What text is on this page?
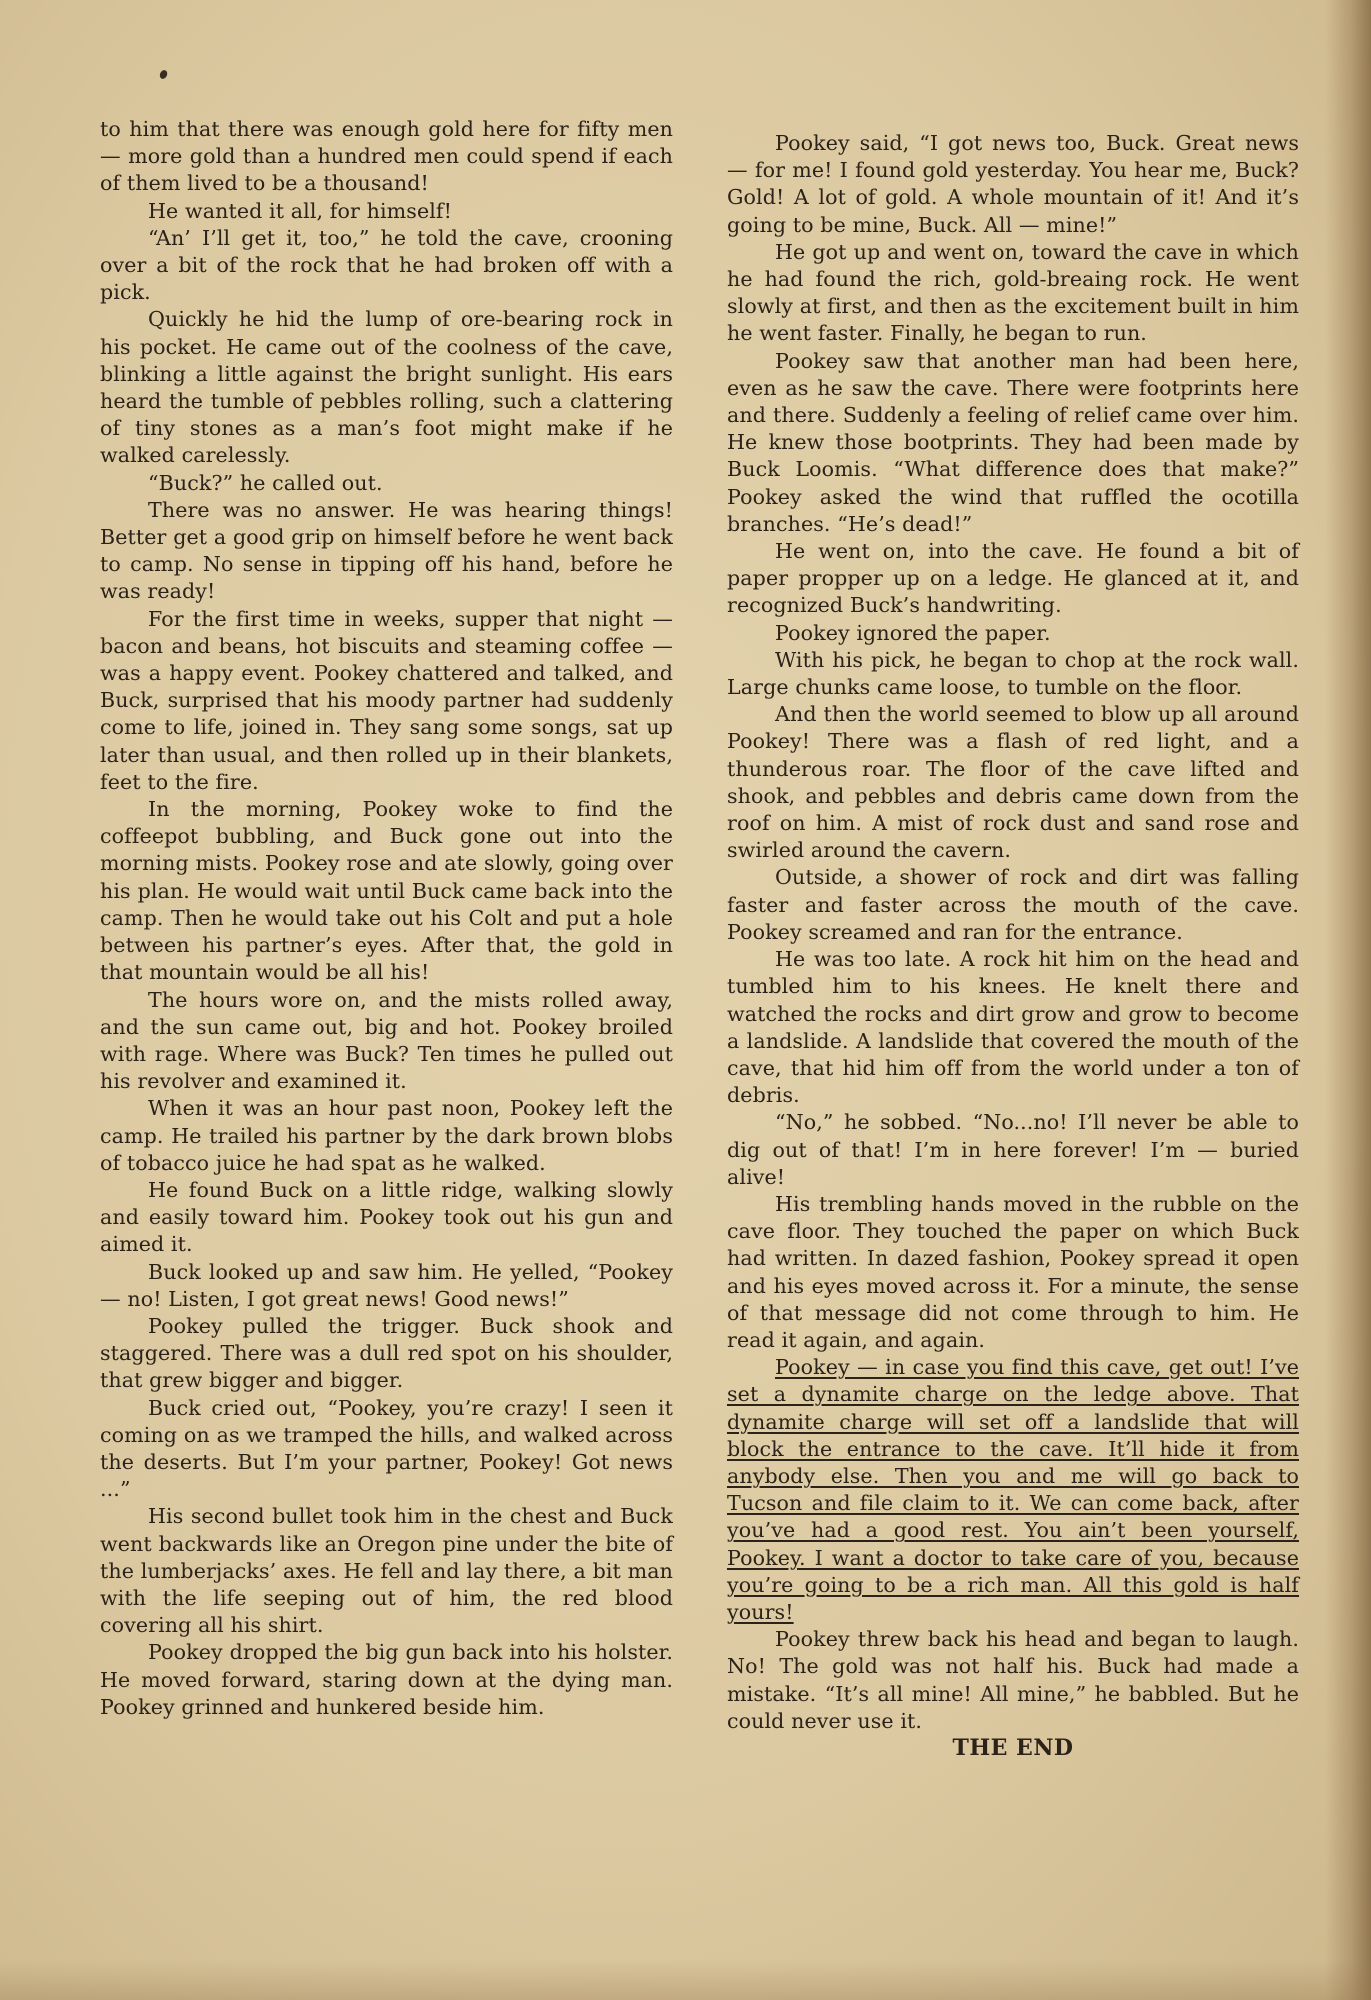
to him that there was enough gold here for fifty men — more gold than a hundred men could spend if each of them lived to be a thousand!

He wanted it all, for himself!

“An’ I’ll get it, too,” he told the cave, crooning over a bit of the rock that he had broken off with a pick.

Quickly he hid the lump of ore-bearing rock in his pocket. He came out of the coolness of the cave, blinking a little against the bright sunlight. His ears heard the tumble of pebbles rolling, such a clattering of tiny stones as a man’s foot might make if he walked carelessly.

“Buck?” he called out.

There was no answer. He was hearing things! Better get a good grip on himself before he went back to camp. No sense in tipping off his hand, before he was ready!

For the first time in weeks, supper that night — bacon and beans, hot biscuits and steaming coffee — was a happy event. Pookey chattered and talked, and Buck, surprised that his moody partner had suddenly come to life, joined in. They sang some songs, sat up later than usual, and then rolled up in their blankets, feet to the fire.

In the morning, Pookey woke to find the coffeepot bubbling, and Buck gone out into the morning mists. Pookey rose and ate slowly, going over his plan. He would wait until Buck came back into the camp. Then he would take out his Colt and put a hole between his partner’s eyes. After that, the gold in that mountain would be all his!

The hours wore on, and the mists rolled away, and the sun came out, big and hot. Pookey broiled with rage. Where was Buck? Ten times he pulled out his revolver and examined it.

When it was an hour past noon, Pookey left the camp. He trailed his partner by the dark brown blobs of tobacco juice he had spat as he walked.

He found Buck on a little ridge, walking slowly and easily toward him. Pookey took out his gun and aimed it.

Buck looked up and saw him. He yelled, “Pookey — no! Listen, I got great news! Good news!”

Pookey pulled the trigger. Buck shook and staggered. There was a dull red spot on his shoulder, that grew bigger and bigger.

Buck cried out, “Pookey, you’re crazy! I seen it coming on as we tramped the hills, and walked across the deserts. But I’m your partner, Pookey! Got news ...”

His second bullet took him in the chest and Buck went backwards like an Oregon pine under the bite of the lumberjacks’ axes. He fell and lay there, a bit man with the life seeping out of him, the red blood covering all his shirt.

Pookey dropped the big gun back into his holster. He moved forward, staring down at the dying man. Pookey grinned and hunkered beside him.

Pookey said, “I got news too, Buck. Great news — for me! I found gold yesterday. You hear me, Buck? Gold! A lot of gold. A whole mountain of it! And it’s going to be mine, Buck. All — mine!”

He got up and went on, toward the cave in which he had found the rich, gold-breaing rock. He went slowly at first, and then as the excitement built in him he went faster. Finally, he began to run.

Pookey saw that another man had been here, even as he saw the cave. There were footprints here and there. Suddenly a feeling of relief came over him. He knew those bootprints. They had been made by Buck Loomis. “What difference does that make?” Pookey asked the wind that ruffled the ocotilla branches. “He’s dead!”

He went on, into the cave. He found a bit of paper propper up on a ledge. He glanced at it, and recognized Buck’s handwriting.

Pookey ignored the paper.

With his pick, he began to chop at the rock wall. Large chunks came loose, to tumble on the floor.

And then the world seemed to blow up all around Pookey! There was a flash of red light, and a thunderous roar. The floor of the cave lifted and shook, and pebbles and debris came down from the roof on him. A mist of rock dust and sand rose and swirled around the cavern.

Outside, a shower of rock and dirt was falling faster and faster across the mouth of the cave. Pookey screamed and ran for the entrance.

He was too late. A rock hit him on the head and tumbled him to his knees. He knelt there and watched the rocks and dirt grow and grow to become a landslide. A landslide that covered the mouth of the cave, that hid him off from the world under a ton of debris.

“No,” he sobbed. “No...no! I’ll never be able to dig out of that! I’m in here forever! I’m — buried alive!

His trembling hands moved in the rubble on the cave floor. They touched the paper on which Buck had written. In dazed fashion, Pookey spread it open and his eyes moved across it. For a minute, the sense of that message did not come through to him. He read it again, and again.

Pookey — in case you find this cave, get out! I’ve set a dynamite charge on the ledge above. That dynamite charge will set off a landslide that will block the entrance to the cave. It’ll hide it from anybody else. Then you and me will go back to Tucson and file claim to it. We can come back, after you’ve had a good rest. You ain’t been yourself, Pookey. I want a doctor to take care of you, because you’re going to be a rich man. All this gold is half yours!

Pookey threw back his head and began to laugh. No! The gold was not half his. Buck had made a mistake. “It’s all mine! All mine,” he babbled. But he could never use it.

THE END
